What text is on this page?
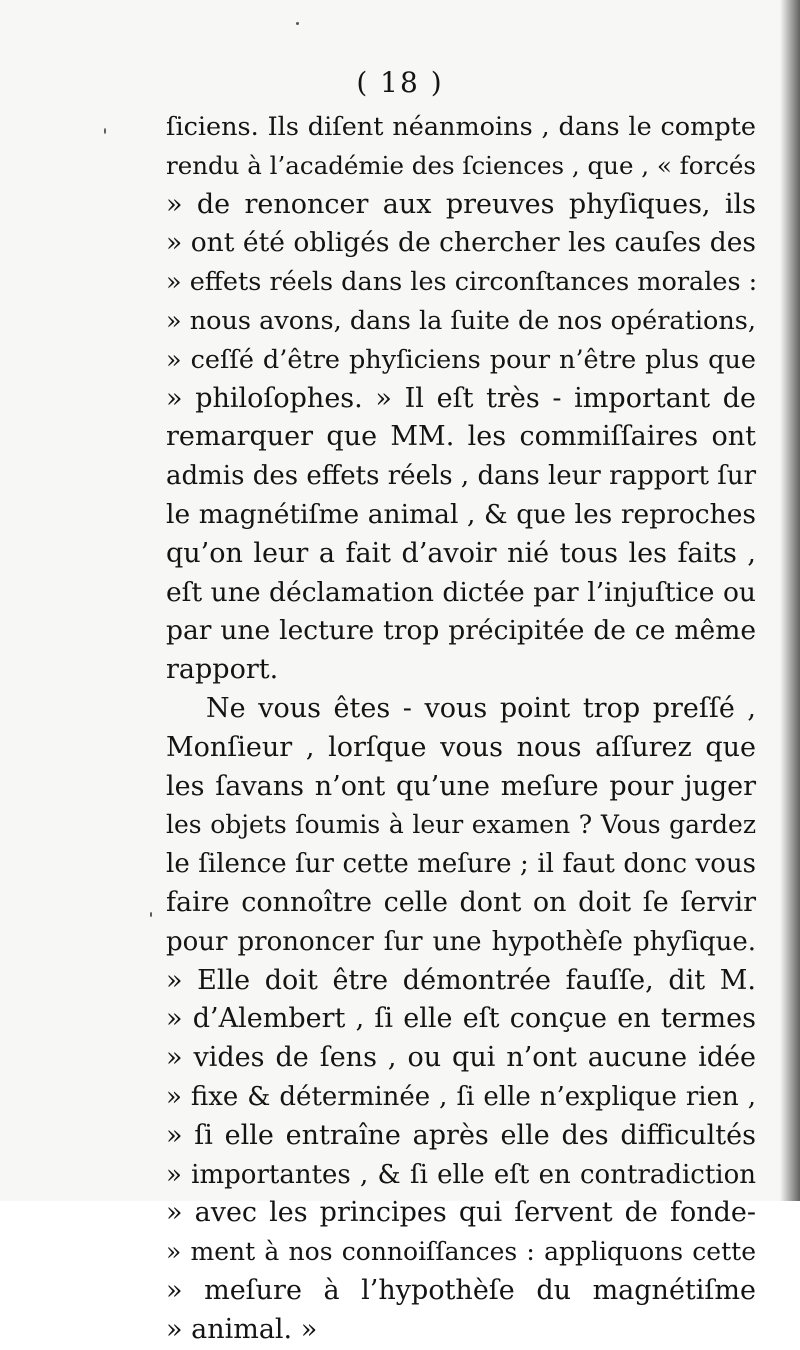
( 18 )
ſiciens. Ils diſent néanmoins , dans le compte
rendu à l’académie des ſciences , que , « forcés
» de renoncer aux preuves phyſiques, ils
» ont été obligés de chercher les cauſes des
» effets réels dans les circonſtances morales :
» nous avons, dans la ſuite de nos opérations,
» ceſſé d’être phyſiciens pour n’être plus que
» philoſophes. » Il eſt très - important de
remarquer que MM. les commiſſaires ont
admis des effets réels , dans leur rapport ſur
le magnétiſme animal , & que les reproches
qu’on leur a fait d’avoir nié tous les faits ,
eſt une déclamation dictée par l’injuſtice ou
par une lecture trop précipitée de ce même
rapport.
Ne vous êtes - vous point trop preſſé ,
Monſieur , lorſque vous nous aſſurez que
les ſavans n’ont qu’une meſure pour juger
les objets ſoumis à leur examen ? Vous gardez
le ſilence ſur cette meſure ; il faut donc vous
faire connoître celle dont on doit ſe ſervir
pour prononcer ſur une hypothèſe phyſique.
» Elle doit être démontrée fauſſe, dit M.
» d’Alembert , ſi elle eſt conçue en termes
» vides de ſens , ou qui n’ont aucune idée
» fixe & déterminée , ſi elle n’explique rien ,
» ſi elle entraîne après elle des difficultés
» importantes , & ſi elle eſt en contradiction
» avec les principes qui ſervent de fonde-
» ment à nos connoiſſances : appliquons cette
» meſure à l’hypothèſe du magnétiſme
» animal. »
